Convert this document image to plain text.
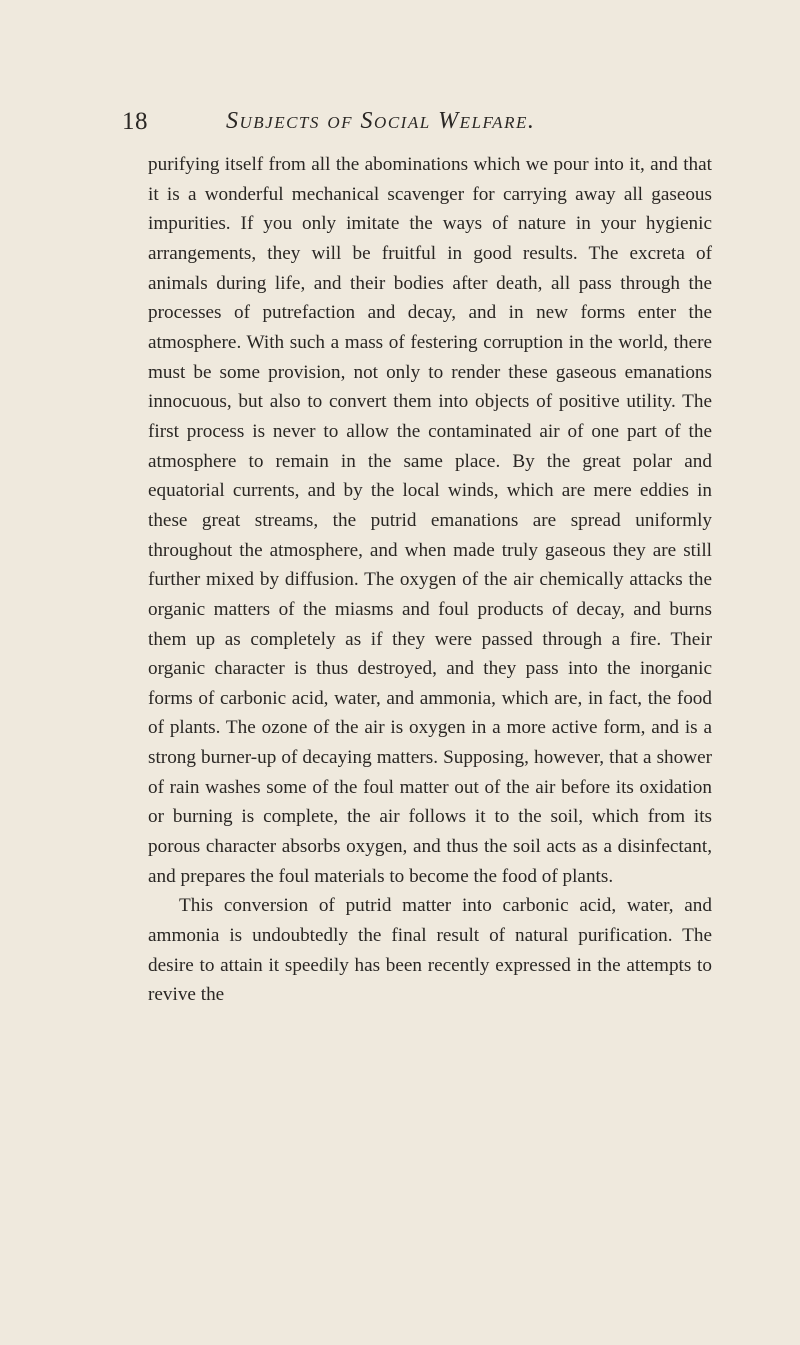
18	Subjects of Social Welfare.

purifying itself from all the abominations which we pour into it, and that it is a wonderful mechanical scavenger for carrying away all gaseous impurities. If you only imitate the ways of nature in your hygienic arrangements, they will be fruitful in good results. The excreta of animals during life, and their bodies after death, all pass through the processes of putrefaction and decay, and in new forms enter the atmosphere. With such a mass of festering corruption in the world, there must be some provision, not only to render these gaseous emanations innocuous, but also to convert them into objects of positive utility. The first process is never to allow the contaminated air of one part of the atmosphere to remain in the same place. By the great polar and equatorial currents, and by the local winds, which are mere eddies in these great streams, the putrid emanations are spread uniformly throughout the atmosphere, and when made truly gaseous they are still further mixed by diffusion. The oxygen of the air chemically attacks the organic matters of the miasms and foul products of decay, and burns them up as completely as if they were passed through a fire. Their organic character is thus destroyed, and they pass into the inorganic forms of carbonic acid, water, and ammonia, which are, in fact, the food of plants. The ozone of the air is oxygen in a more active form, and is a strong burner-up of decaying matters. Supposing, however, that a shower of rain washes some of the foul matter out of the air before its oxidation or burning is complete, the air follows it to the soil, which from its porous character absorbs oxygen, and thus the soil acts as a disinfectant, and prepares the foul materials to become the food of plants.

This conversion of putrid matter into carbonic acid, water, and ammonia is undoubtedly the final result of natural purification. The desire to attain it speedily has been recently expressed in the attempts to revive the
